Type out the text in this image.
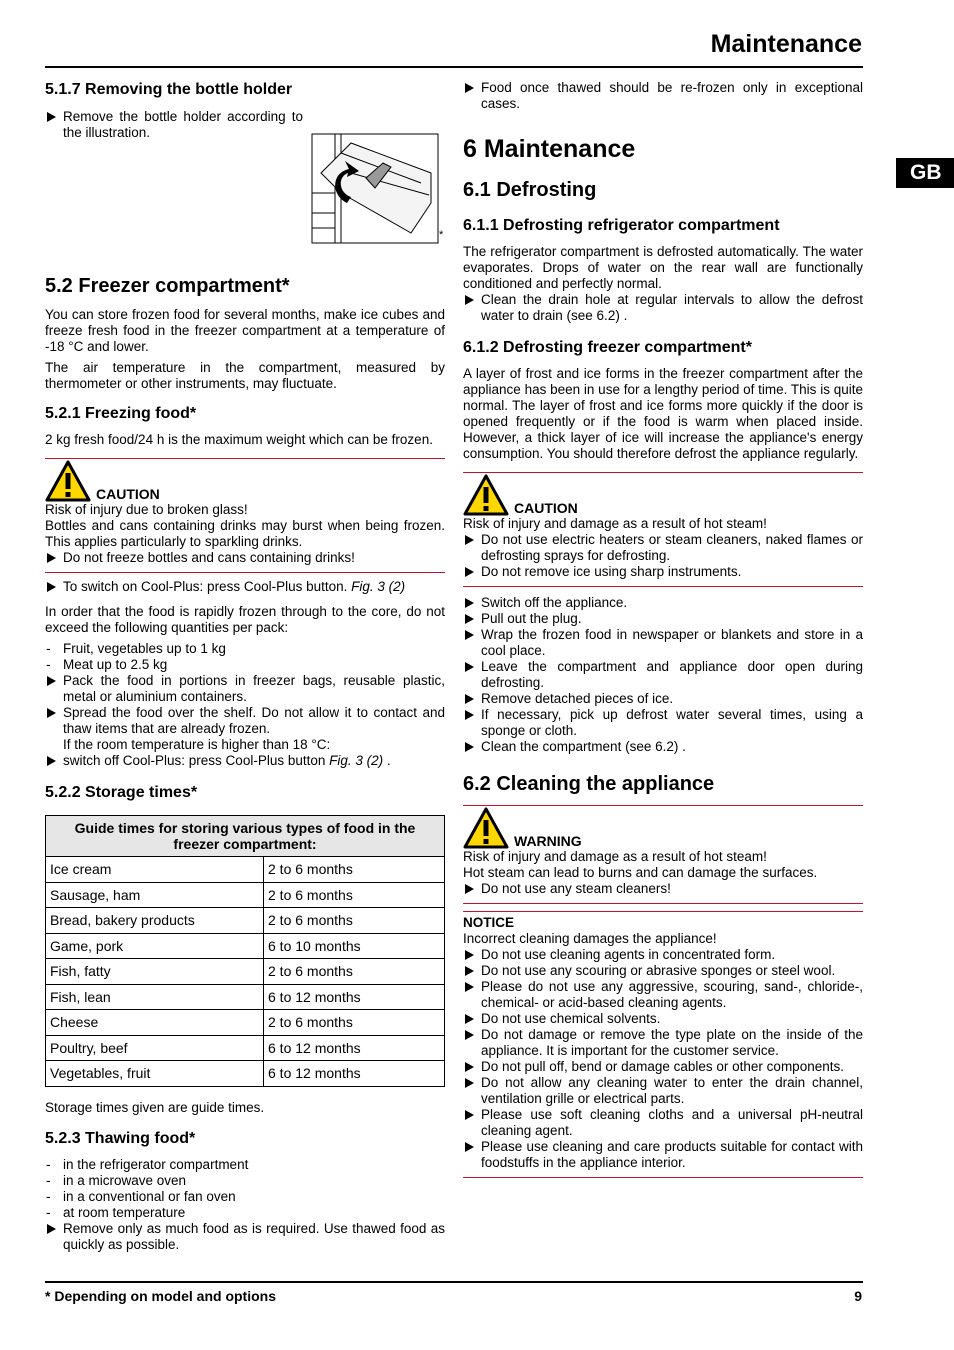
Maintenance
GB
5.1.7 Removing the bottle holder
Remove the bottle holder according to the illustration.
*
5.2 Freezer compartment*

You can store frozen food for several months, make ice cubes and freeze fresh food in the freezer compartment at a temperature of -18 °C and lower.

The air temperature in the compartment, measured by thermometer or other instruments, may fluctuate.

5.2.1 Freezing food*

2 kg fresh food/24 h is the maximum weight which can be frozen.

CAUTION
Risk of injury due to broken glass!

Bottles and cans containing drinks may burst when being frozen. This applies particularly to sparkling drinks.

Do not freeze bottles and cans containing drinks!
To switch on Cool-Plus: press Cool-Plus button. Fig. 3 (2)

In order that the food is rapidly frozen through to the core, do not exceed the following quantities per pack:

- Fruit, vegetables up to 1 kg
- Meat up to 2.5 kg
Pack the food in portions in freezer bags, reusable plastic, metal or aluminium containers.
Spread the food over the shelf. Do not allow it to contact and thaw items that are already frozen.
If the room temperature is higher than 18 °C:
switch off Cool-Plus: press Cool-Plus button Fig. 3 (2) .
5.2.2 Storage times*
Guide times for storing various types of food in the freezer compartment:	
Ice cream	2 to 6 months
Sausage, ham	2 to 6 months
Bread, bakery products	2 to 6 months
Game, pork	6 to 10 months
Fish, fatty	2 to 6 months
Fish, lean	6 to 12 months
Cheese	2 to 6 months
Poultry, beef	6 to 12 months
Vegetables, fruit	6 to 12 months
Storage times given are guide times.
5.2.3 Thawing food*
- in the refrigerator compartment
- in a microwave oven
- in a conventional or fan oven
- at room temperature
Remove only as much food as is required. Use thawed food as quickly as possible.
Food once thawed should be re-frozen only in exceptional cases.
6 Maintenance
6.1 Defrosting
6.1.1 Defrosting refrigerator compartment

The refrigerator compartment is defrosted automatically. The water evaporates. Drops of water on the rear wall are functionally conditioned and perfectly normal.

Clean the drain hole at regular intervals to allow the defrost water to drain (see 6.2) .
6.1.2 Defrosting freezer compartment*

A layer of frost and ice forms in the freezer compartment after the appliance has been in use for a lengthy period of time. This is quite normal. The layer of frost and ice forms more quickly if the door is opened frequently or if the food is warm when placed inside. However, a thick layer of ice will increase the appliance's energy consumption. You should therefore defrost the appliance regularly.

CAUTION
Risk of injury and damage as a result of hot steam!
Do not use electric heaters or steam cleaners, naked flames or defrosting sprays for defrosting.
Do not remove ice using sharp instruments.
Switch off the appliance.
Pull out the plug.
Wrap the frozen food in newspaper or blankets and store in a cool place.
Leave the compartment and appliance door open during defrosting.
Remove detached pieces of ice.
If necessary, pick up defrost water several times, using a sponge or cloth.
Clean the compartment (see 6.2) .
6.2 Cleaning the appliance
WARNING
Risk of injury and damage as a result of hot steam!
Hot steam can lead to burns and can damage the surfaces.
Do not use any steam cleaners!
NOTICE
Incorrect cleaning damages the appliance!
Do not use cleaning agents in concentrated form.
Do not use any scouring or abrasive sponges or steel wool.
Please do not use any aggressive, scouring, sand-, chloride-, chemical- or acid-based cleaning agents.
Do not use chemical solvents.
Do not damage or remove the type plate on the inside of the appliance. It is important for the customer service.
Do not pull off, bend or damage cables or other components.
Do not allow any cleaning water to enter the drain channel, ventilation grille or electrical parts.
Please use soft cleaning cloths and a universal pH-neutral cleaning agent.
Please use cleaning and care products suitable for contact with foodstuffs in the appliance interior.
* Depending on model and options	9
